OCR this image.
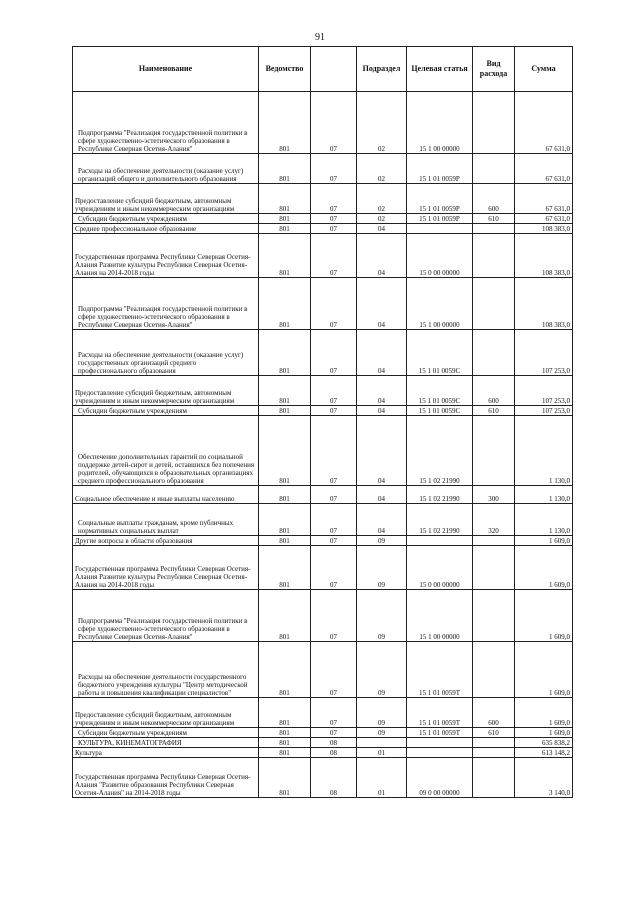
91
Наименование	Ведомство		Подраздел	Целевая статья	Вид расхода	Сумма

Подпрограмма "Реализация государственной политики в сфере художественно-эстетического образования в Республике Северная Осетия-Алания"	801	07	02	15 1 00 00000		67 631,0

Расходы на обеспечение деятельности (оказание услуг) организаций общего и дополнительного образования	801	07	02	15 1 01 0059Р		67 631,0

Предоставление субсидий бюджетным, автономным учреждениям и иным некоммерческим организациям	801	07	02	15 1 01 0059Р	600	67 631,0

Субсидии бюджетным учреждениям	801	07	02	15 1 01 0059Р	610	67 631,0

Среднее профессиональное образование	801	07	04			108 383,0

Государственная программа Республики Северная Осетия-Алания Развитие культуры Республики Северная Осетия-Алания на 2014-2018 годы	801	07	04	15 0 00 00000		108 383,0

Подпрограмма "Реализация государственной политики в сфере художественно-эстетического образования в Республике Северная Осетия-Алания"	801	07	04	15 1 00 00000		108 383,0

Расходы на обеспечение деятельности (оказание услуг) государственных организаций среднего профессионального образования	801	07	04	15 1 01 0059С		107 253,0

Предоставление субсидий бюджетным, автономным учреждениям и иным некоммерческим организациям	801	07	04	15 1 01 0059С	600	107 253,0

Субсидии бюджетным учреждениям	801	07	04	15 1 01 0059С	610	107 253,0

Обеспечение дополнительных гарантий по социальной поддержке детей-сирот и детей, оставшихся без попечения родителей, обучающихся в образовательных организациях среднего профессионального образования	801	07	04	15 1 02 21990		1 130,0

Социальное обеспечение и иные выплаты населению	801	07	04	15 1 02 21990	300	1 130,0

Социальные выплаты гражданам, кроме публичных нормативных социальных выплат	801	07	04	15 1 02 21990	320	1 130,0

Другие вопросы в области образования	801	07	09			1 609,0

Государственная программа Республики Северная Осетия-Алания Развитие культуры Республики Северная Осетия-Алания на 2014-2018 годы	801	07	09	15 0 00 00000		1 609,0

Подпрограмма "Реализация государственной политики в сфере художественно-эстетического образования в Республике Северная Осетия-Алания"	801	07	09	15 1 00 00000		1 609,0

Расходы на обеспечение деятельности государственного бюджетного учреждения культуры "Центр методической работы и повышения квалификации специалистов"	801	07	09	15 1 01 0059Т		1 609,0

Предоставление субсидий бюджетным, автономным учреждениям и иным некоммерческим организациям	801	07	09	15 1 01 0059Т	600	1 609,0

Субсидии бюджетным учреждениям	801	07	09	15 1 01 0059Т	610	1 609,0

КУЛЬТУРА, КИНЕМАТОГРАФИЯ	801	08				635 838,2

Культура	801	08	01			613 148,2

Государственная программа Республики Северная Осетия-Алания "Развитие образования Республики Северная Осетия-Алания" на 2014-2018 годы	801	08	01	09 0 00 00000		3 140,0
